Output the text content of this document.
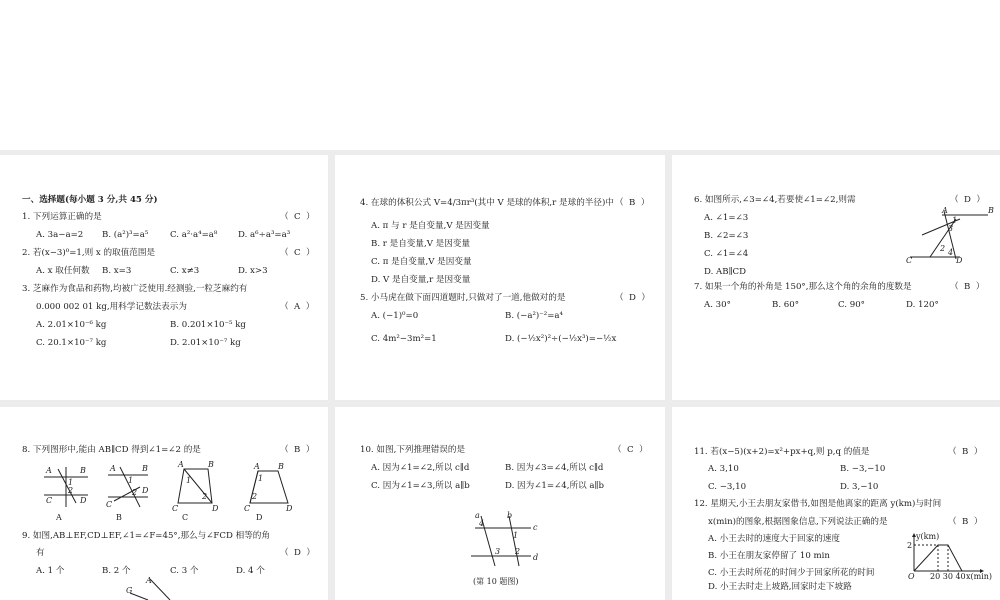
一、选择题(每小题 3 分,共 45 分)
1. 下列运算正确的是	（  C  ）
A. 3a−a=2 B. (a²)³=a⁵	C. a²·a⁴=a⁸ D. a⁶÷a³=a³
2. 若(x−3)⁰=1,则 x 的取值范围是	（  C  ）
A. x 取任何数 B. x=3	C. x≠3	D. x>3
3. 芝麻作为食品和药物,均被广泛使用.经测验,一粒芝麻约有
0.000 002 01 kg,用科学记数法表示为	（  A  ）
A. 2.01×10⁻⁶ kg	B. 0.201×10⁻⁵ kg
C. 20.1×10⁻⁷ kg	D. 2.01×10⁻⁷ kg
4. 在球的体积公式 V=4/3πr³(其中 V 是球的体积,r 是球的半径)中 （  B  ）
A. π 与 r 是自变量,V 是因变量
B. r 是自变量,V 是因变量
C. π 是自变量,V 是因变量
D. V 是自变量,r 是因变量
5. 小马虎在做下面四道题时,只做对了一道,他做对的是	（  D  ）
A. (−1)⁰=0	B. (−a²)⁻²=a⁴
C. 4m²−3m²=1	D. (−½x²)²÷(−½x³)=−½x
6. 如图所示,∠3=∠4,若要使∠1=∠2,则需	（  D  ）
A. ∠1=∠3
B. ∠2=∠3
C. ∠1=∠4
D. AB∥CD
A	B
C	D
1
3
2 4
7. 如果一个角的补角是 150°,那么这个角的余角的度数是	（  B  ）
A. 30°	B. 60°	C. 90°	D. 120°
8. 下列图形中,能由 AB∥CD 得到∠1=∠2 的是	（  B  ）
A	B
C	D
1
2
A	B
C
D
1
2
A	B
C	D
1
2
A B
C	D
1
2
A	B	C	D
9. 如图,AB⊥EF,CD⊥EF,∠1=∠F=45°,那么与∠FCD 相等的角
有	（  D  ）
A. 1 个	B. 2 个	C. 3 个	D. 4 个
A
G
10. 如图,下列推理错误的是	（  C  ）
A. 因为∠1=∠2,所以 c∥d	B. 因为∠3=∠4,所以 c∥d
C. 因为∠1=∠3,所以 a∥b	D. 因为∠1=∠4,所以 a∥b
a	b
c
d
4
1
2
3
(第 10 题图)
11. 若(x−5)(x+2)=x²+px+q,则 p,q 的值是	（  B  ）
A. 3,10	B. −3,−10
C. −3,10	D. 3,−10
12. 星期天,小王去朋友家借书,如图是他离家的距离 y(km)与时间
x(min)的图象,根据图象信息,下列说法正确的是	（  B  ）
A. 小王去时的速度大于回家的速度
B. 小王在朋友家停留了 10 min
C. 小王去时所花的时间少于回家所花的时间
D. 小王去时走上坡路,回家时走下坡路
y(km)
2
O 20 30 40 x(min)
